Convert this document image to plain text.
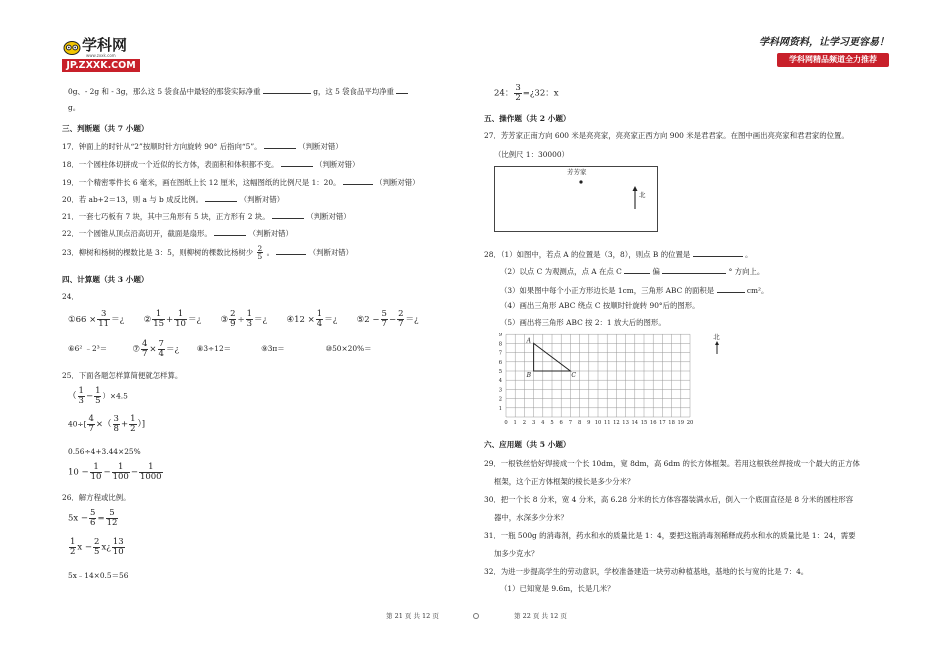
学科网
www.zxxk.com
JP.ZXXK.COM
学科网资料，让学习更容易！
学科网精品频道全力推荐
0g、- 2g 和 - 3g，那么这 5 袋食品中最轻的那袋实际净重	g，这 5 袋食品平均净重
g。
三、判断题（共 7 小题）
17．钟面上的时针从“2”按顺时针方向旋转 90° 后指向“5”。	（判断对错）
18．一个圆柱体切拼成一个近似的长方体，表面积和体积都不变。	（判断对错）
19．一个精密零件长 6 毫米，画在图纸上长 12 厘米，这幅图纸的比例尺是 1：20。	（判断对错）
20．若 ab+2＝13，则 a 与 b 成反比例。	（判断对错）
21．一套七巧板有 7 块，其中三角形有 5 块，正方形有 2 块。	（判断对错）
22．一个圆锥从顶点沿高切开，截面是扇形。	（判断对错）
23．柳树和杨树的棵数比是 3：5，则柳树的棵数比杨树少 $\frac{2}{5}$ 。	（判断对错）
四、计算题（共 3 小题）
24．
①66 × $\frac{3}{11}$ ＝¿ ② $\frac{1}{15} + \frac{1}{10}$ ＝¿ ③ $\frac{2}{9} \div \frac{1}{3}$ ＝¿ ④12 × $\frac{1}{4}$ ＝¿ ⑤2 − $\frac{5}{7} - \frac{2}{7}$ ＝¿
⑥6² ﹣2³＝	⑦ $\frac{4}{7} \times \frac{7}{4}$ ＝¿ ⑧3÷12＝	⑨3π＝	⑩50×20%＝
25．下面各题怎样算简便就怎样算。
（ $\frac{1}{3} - \frac{1}{5} )\times 4.5$
$40\div[ \frac{4}{7}$ ×（ $\frac{3}{8} + \frac{1}{2}$ ）]
0.56÷4+3.44×25%
$10 - \frac{1}{10} - \frac{1}{100} - \frac{1}{1000}$
26．解方程或比例。
$5x - \frac{5}{6} = \frac{5}{12}$
$\frac{1}{2}$ $x - \frac{2}{5}$ x¿ $\frac{13}{10}$
5x﹣14×0.5＝56
24： $\frac{3}{2}$ =¿32：x
五、操作题（共 2 小题）
27．芳芳家正南方向 600 米是亮亮家，亮亮家正西方向 900 米是君君家。在图中画出亮亮家和君君家的位置。
（比例尺 1：30000）
芳芳家
北
28．（1）如图中，若点 A 的位置是（3，8），则点 B 的位置是	。
（2）以点 C 为观测点，点 A 在点 C	偏	° 方向上。
（3）如果图中每个小正方形边长是 1cm，三角形 ABC 的面积是	cm²。
（4）画出三角形 ABC 绕点 C 按顺时针旋转 90°后的图形。
（5）画出将三角形 ABC 按 2：1 放大后的图形。
0 1 2 3 4 5 6 7 8 9 10 11 12 13 14 15 16 17 18 19 20
1
2
3
4
5
6
7
8
9
A
B	C
北
六、应用题（共 5 小题）
29．一根铁丝恰好焊接成一个长 10dm，宽 8dm，高 6dm 的长方体框架。若用这根铁丝焊接成一个最大的正方体
框架，这个正方体框架的棱长是多少分米？
30．把一个长 8 分米，宽 4 分米，高 6.28 分米的长方体容器装满水后，倒入一个底面直径是 8 分米的圆柱形容
器中，水深多少分米？
31．一瓶 500g 的消毒剂，药水和水的质量比是 1：4，要把这瓶消毒剂稀释成药水和水的质量比是 1：24，需要
加多少克水？
32．为进一步提高学生的劳动意识，学校准备建造一块劳动种植基地，基地的长与宽的比是 7：4。
（1）已知宽是 9.6m，长是几米？
第 21 页 共 12 页	第 22 页 共 12 页
